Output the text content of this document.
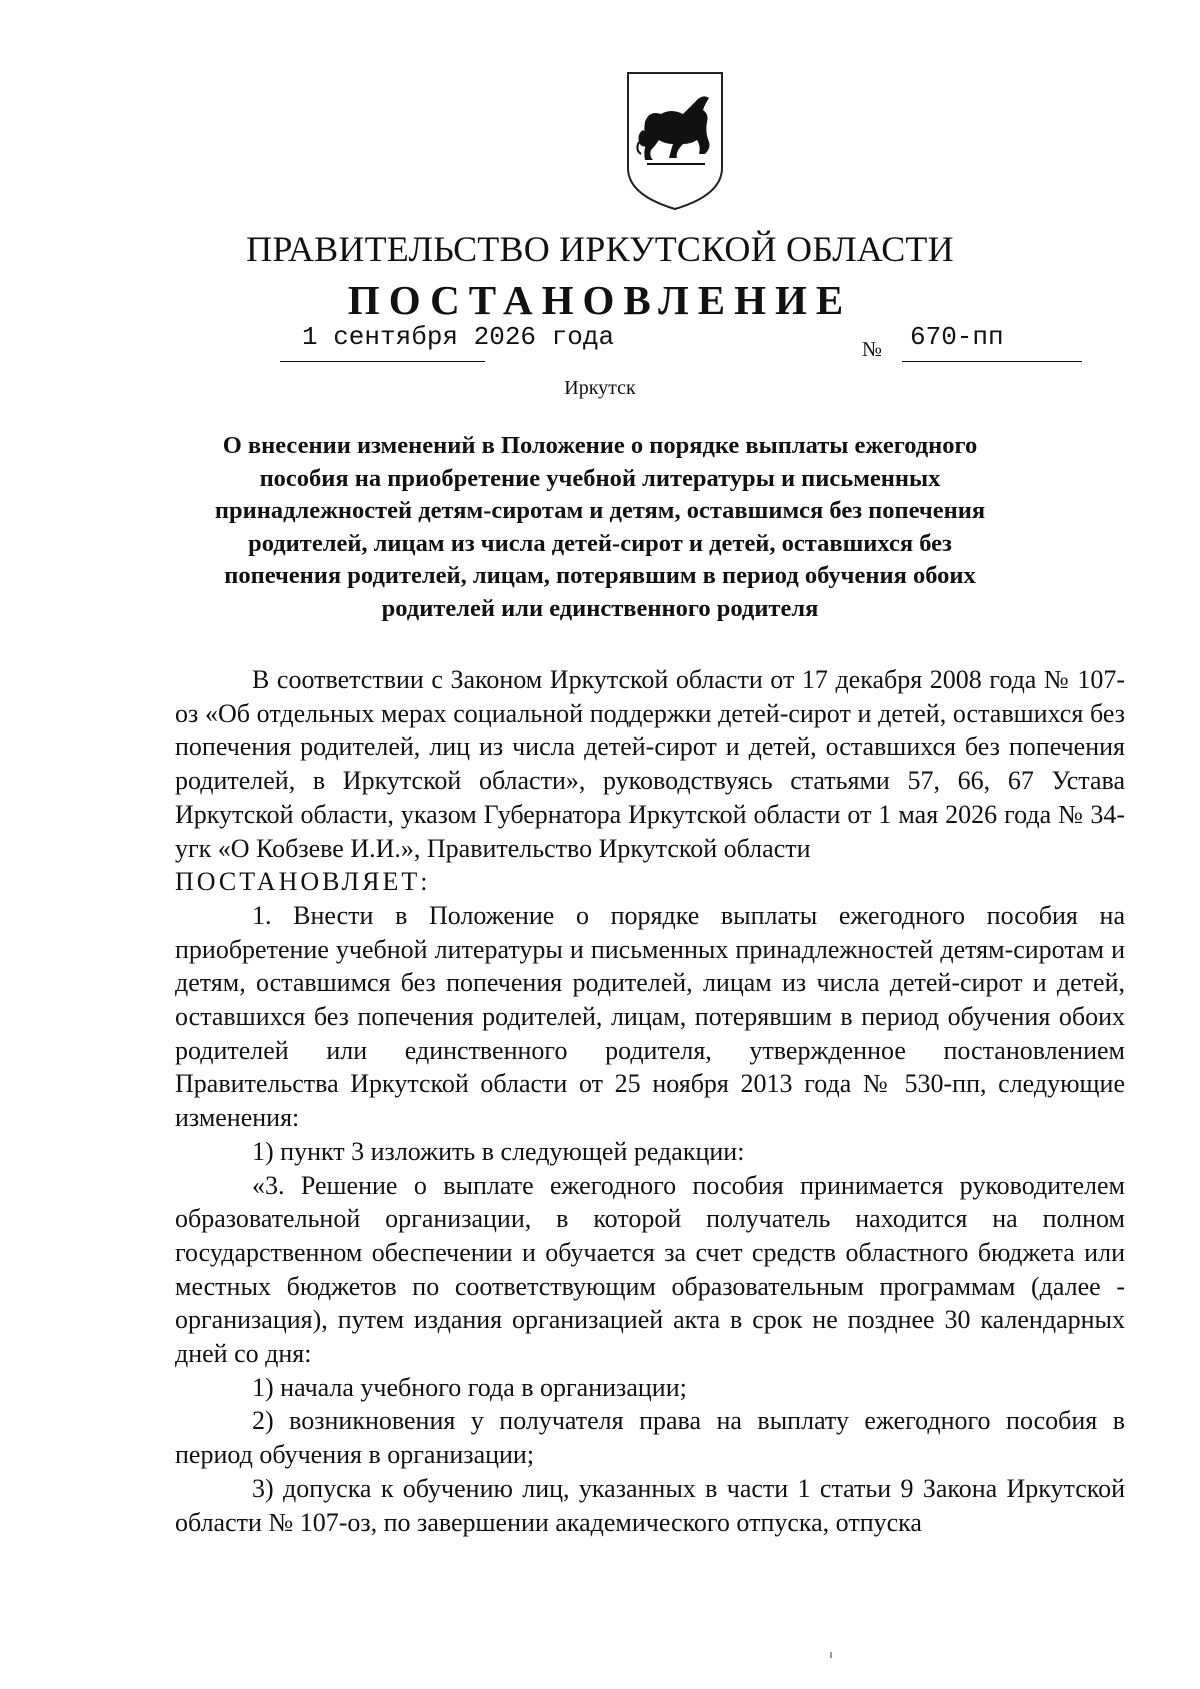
ПРАВИТЕЛЬСТВО ИРКУТСКОЙ ОБЛАСТИ
ПОСТАНОВЛЕНИЕ
1 сентября 2026 года	№ 670-пп
Иркутск
О внесении изменений в Положение о порядке выплаты ежегодного
пособия на приобретение учебной литературы и письменных
принадлежностей детям-сиротам и детям, оставшимся без попечения
родителей, лицам из числа детей-сирот и детей, оставшихся без
попечения родителей, лицам, потерявшим в период обучения обоих
родителей или единственного родителя

В соответствии с Законом Иркутской области от 17 декабря 2008 года № 107-оз «Об отдельных мерах социальной поддержки детей-сирот и детей, оставшихся без попечения родителей, лиц из числа детей-сирот и детей, оставшихся без попечения родителей, в Иркутской области», руководствуясь статьями 57, 66, 67 Устава Иркутской области, указом Губернатора Иркутской области от 1 мая 2026 года № 34-угк «О Кобзеве И.И.», Правительство Иркутской области

ПОСТАНОВЛЯЕТ:

1. Внести в Положение о порядке выплаты ежегодного пособия на приобретение учебной литературы и письменных принадлежностей детям-сиротам и детям, оставшимся без попечения родителей, лицам из числа детей-сирот и детей, оставшихся без попечения родителей, лицам, потерявшим в период обучения обоих родителей или единственного родителя, утвержденное постановлением Правительства Иркутской области от 25 ноября 2013 года № 530-пп, следующие изменения:

1) пункт 3 изложить в следующей редакции:

«3. Решение о выплате ежегодного пособия принимается руководителем образовательной организации, в которой получатель находится на полном государственном обеспечении и обучается за счет средств областного бюджета или местных бюджетов по соответствующим образовательным программам (далее - организация), путем издания организацией акта в срок не позднее 30 календарных дней со дня:

1) начала учебного года в организации;

2) возникновения у получателя права на выплату ежегодного пособия в период обучения в организации;

3) допуска к обучению лиц, указанных в части 1 статьи 9 Закона Иркутской области № 107-оз, по завершении академического отпуска, отпуска
